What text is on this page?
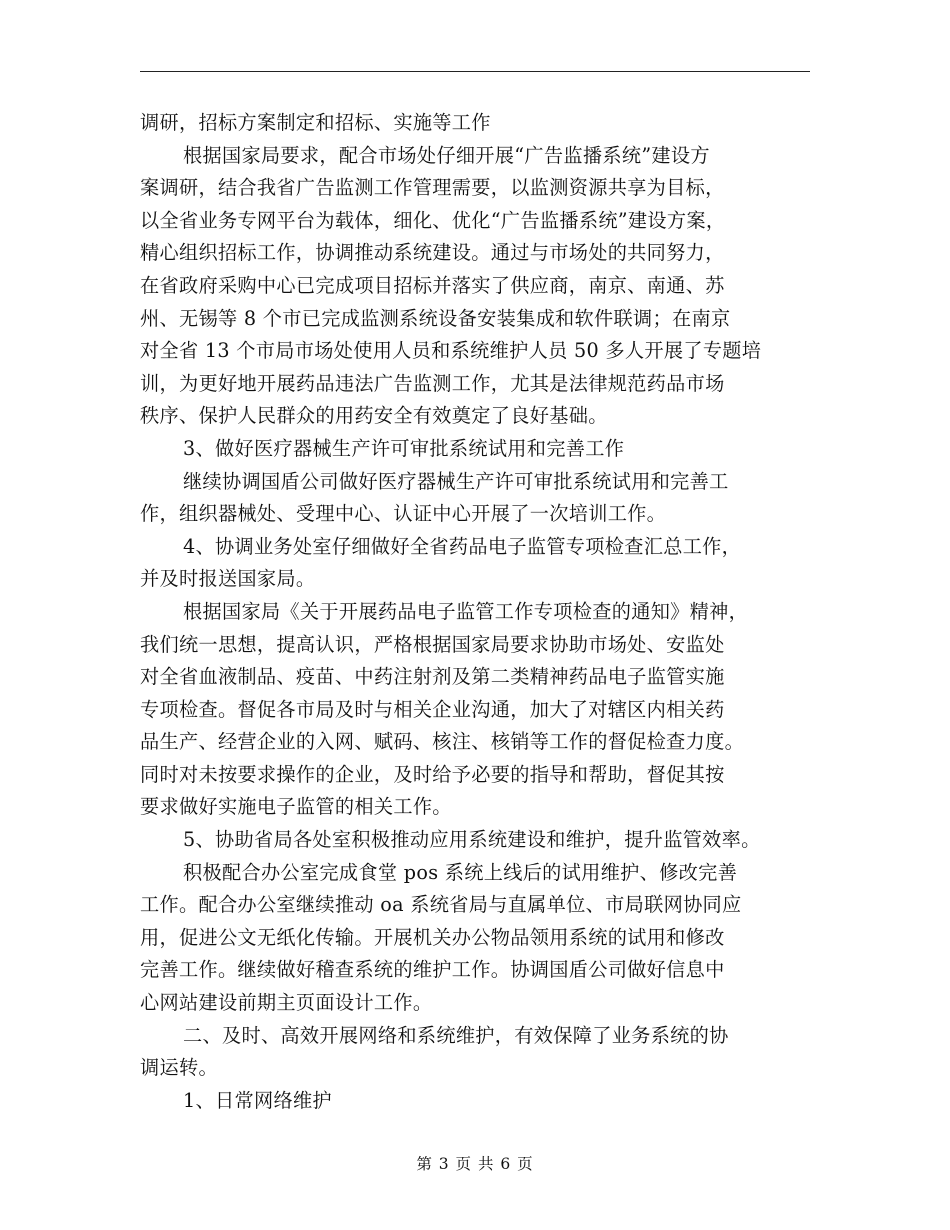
调研，招标方案制定和招标、实施等工作
根据国家局要求，配合市场处仔细开展“广告监播系统”建设方
案调研，结合我省广告监测工作管理需要，以监测资源共享为目标，
以全省业务专网平台为载体，细化、优化“广告监播系统”建设方案，
精心组织招标工作，协调推动系统建设。通过与市场处的共同努力，
在省政府采购中心已完成项目招标并落实了供应商，南京、南通、苏
州、无锡等 8 个市已完成监测系统设备安装集成和软件联调；在南京
对全省 13 个市局市场处使用人员和系统维护人员 50 多人开展了专题培
训，为更好地开展药品违法广告监测工作，尤其是法律规范药品市场
秩序、保护人民群众的用药安全有效奠定了良好基础。
3、做好医疗器械生产许可审批系统试用和完善工作
继续协调国盾公司做好医疗器械生产许可审批系统试用和完善工
作，组织器械处、受理中心、认证中心开展了一次培训工作。
4、协调业务处室仔细做好全省药品电子监管专项检查汇总工作，
并及时报送国家局。
根据国家局《关于开展药品电子监管工作专项检查的通知》精神，
我们统一思想，提高认识，严格根据国家局要求协助市场处、安监处
对全省血液制品、疫苗、中药注射剂及第二类精神药品电子监管实施
专项检查。督促各市局及时与相关企业沟通，加大了对辖区内相关药
品生产、经营企业的入网、赋码、核注、核销等工作的督促检查力度。
同时对未按要求操作的企业，及时给予必要的指导和帮助，督促其按
要求做好实施电子监管的相关工作。
5、协助省局各处室积极推动应用系统建设和维护，提升监管效率。
积极配合办公室完成食堂 pos 系统上线后的试用维护、修改完善
工作。配合办公室继续推动 oa 系统省局与直属单位、市局联网协同应
用，促进公文无纸化传输。开展机关办公物品领用系统的试用和修改
完善工作。继续做好稽查系统的维护工作。协调国盾公司做好信息中
心网站建设前期主页面设计工作。
二、及时、高效开展网络和系统维护，有效保障了业务系统的协
调运转。
1、日常网络维护
第 3 页 共 6 页
